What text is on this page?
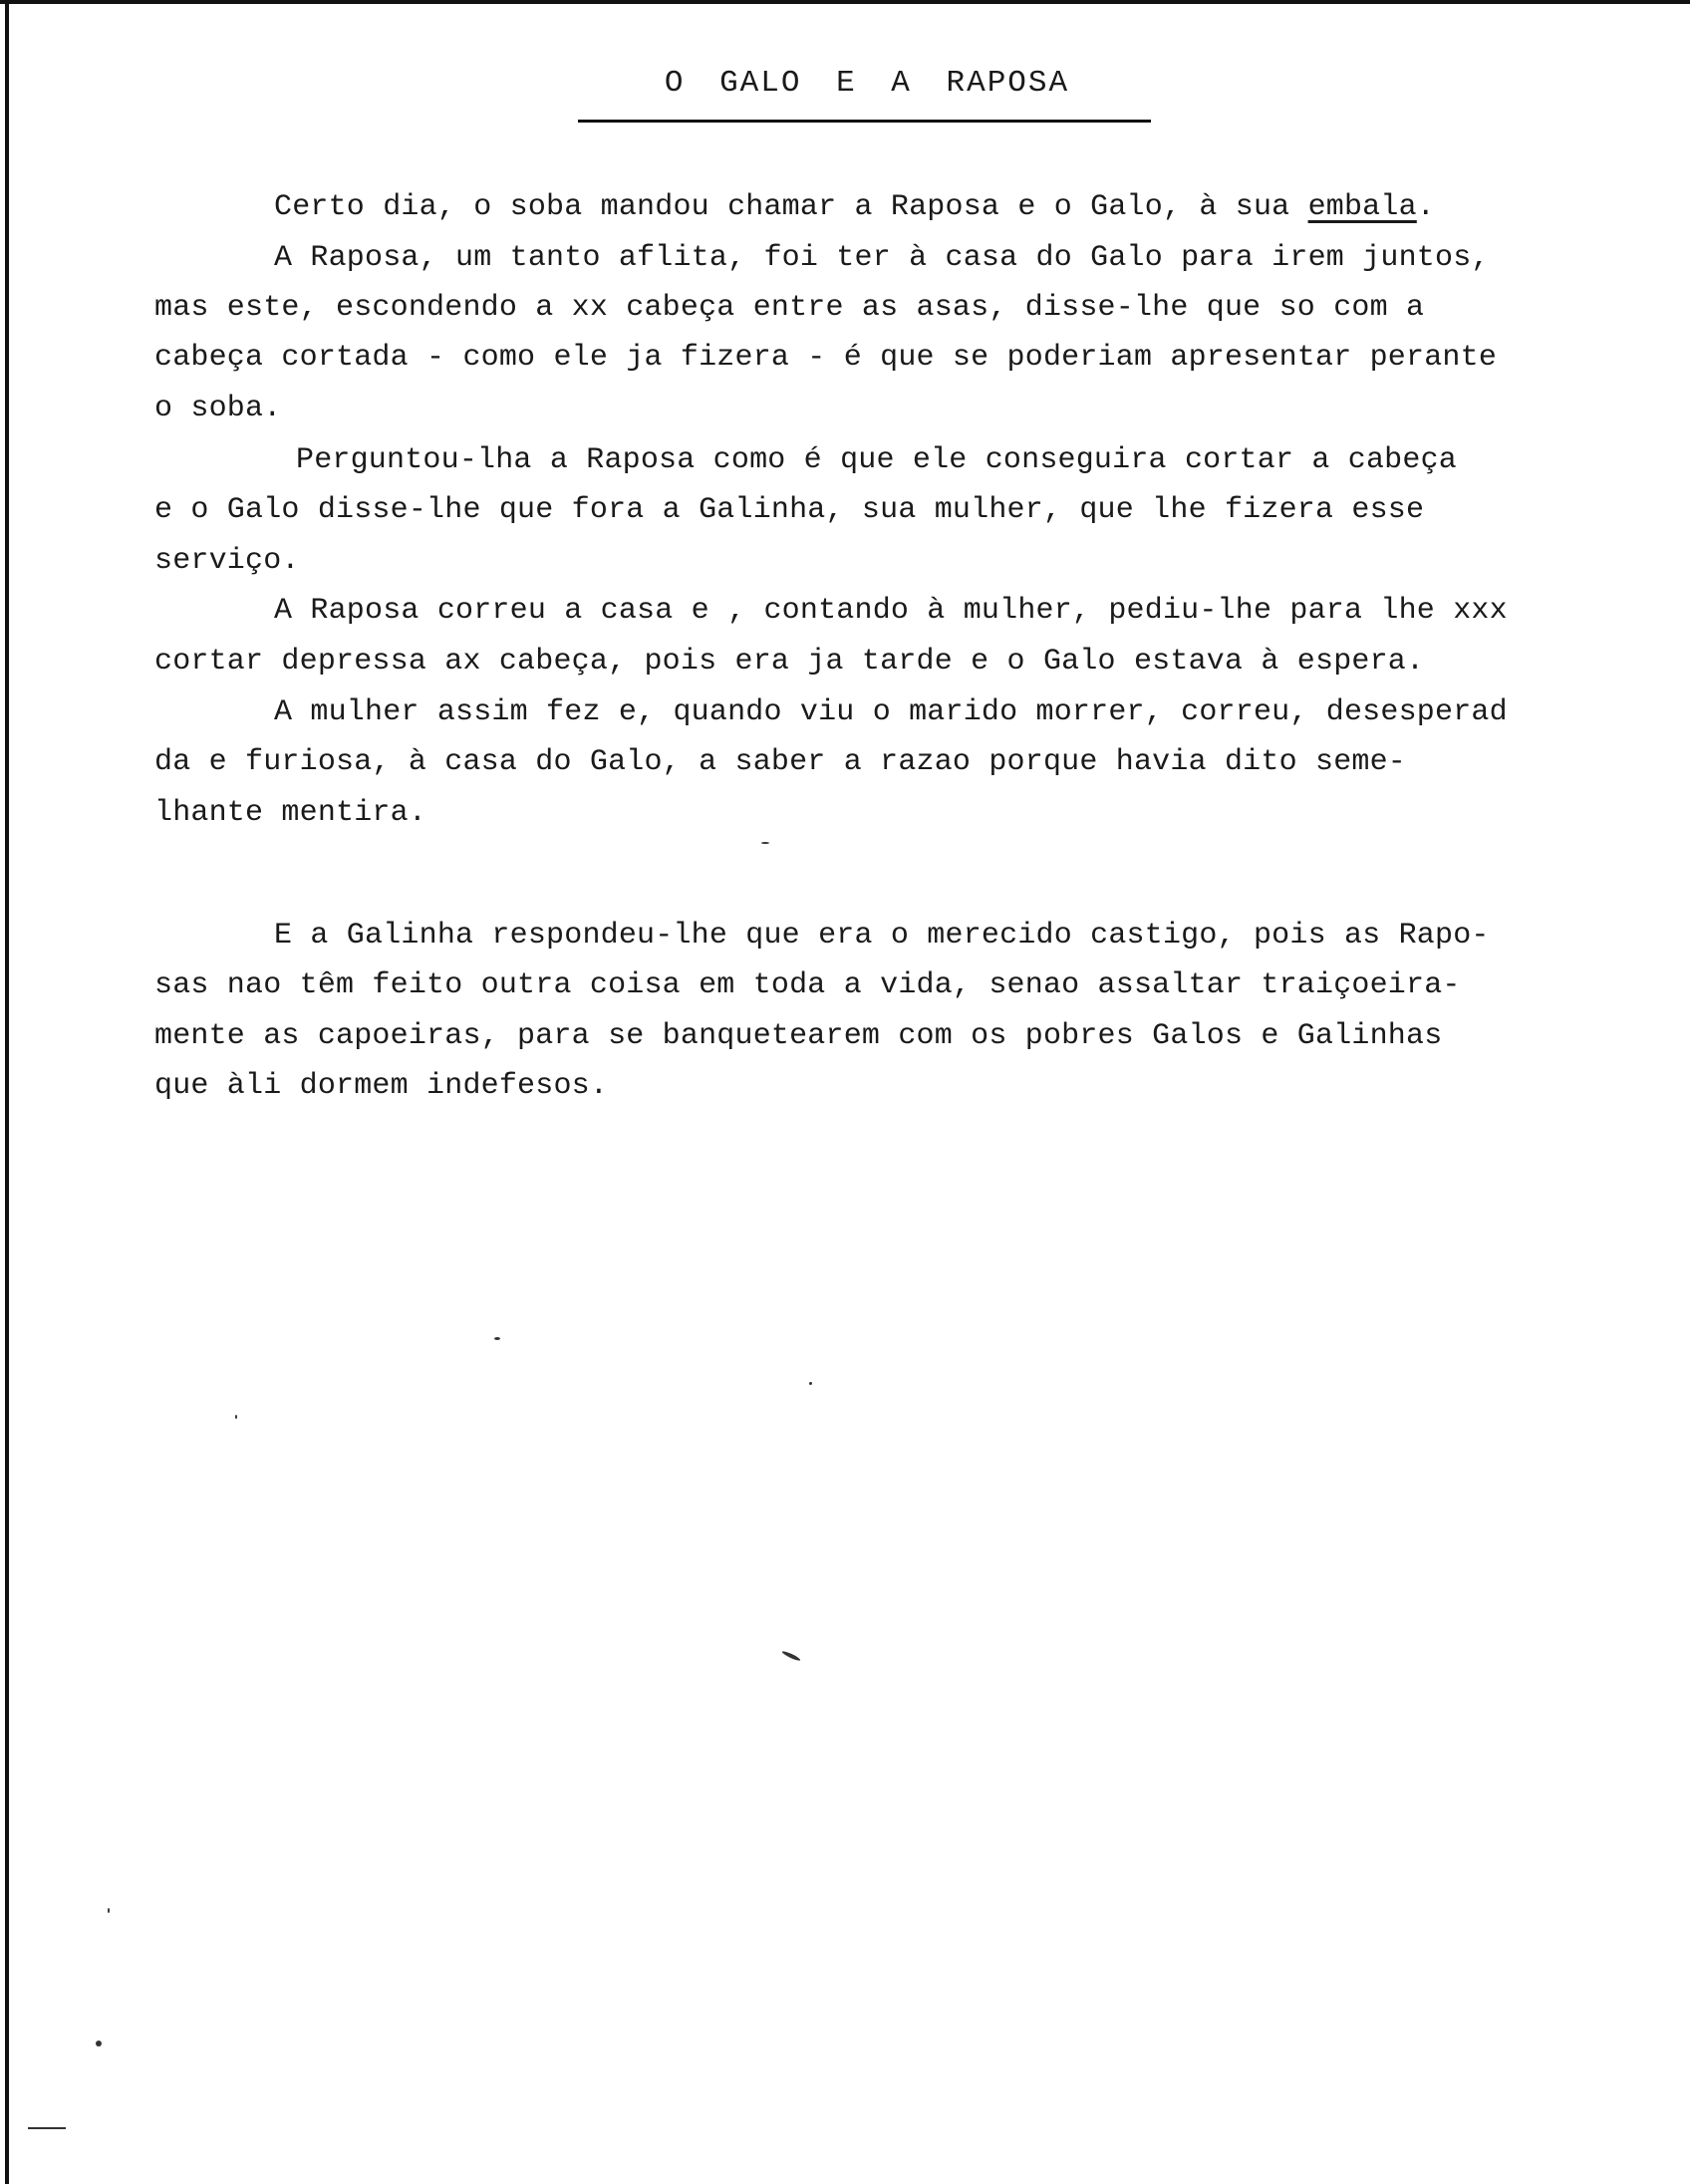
O GALO E A RAPOSA
Certo dia, o soba mandou chamar a Raposa e o Galo, à sua embala.
A Raposa, um tanto aflita, foi ter à casa do Galo para irem juntos,
mas este, escondendo a xx cabeça entre as asas, disse-lhe que so com a
cabeça cortada - como ele ja fizera - é que se poderiam apresentar perante
o soba.
Perguntou-lha a Raposa como é que ele conseguira cortar a cabeça
e o Galo disse-lhe que fora a Galinha, sua mulher, que lhe fizera esse
serviço.
A Raposa correu a casa e , contando à mulher, pediu-lhe para lhe xxx
cortar depressa ax cabeça, pois era ja tarde e o Galo estava à espera.
A mulher assim fez e, quando viu o marido morrer, correu, desesperad
da e furiosa, à casa do Galo, a saber a razao porque havia dito seme-
lhante mentira.
E a Galinha respondeu-lhe que era o merecido castigo, pois as Rapo-
sas nao têm feito outra coisa em toda a vida, senao assaltar traiçoeira-
mente as capoeiras, para se banquetearem com os pobres Galos e Galinhas
que àli dormem indefesos.
